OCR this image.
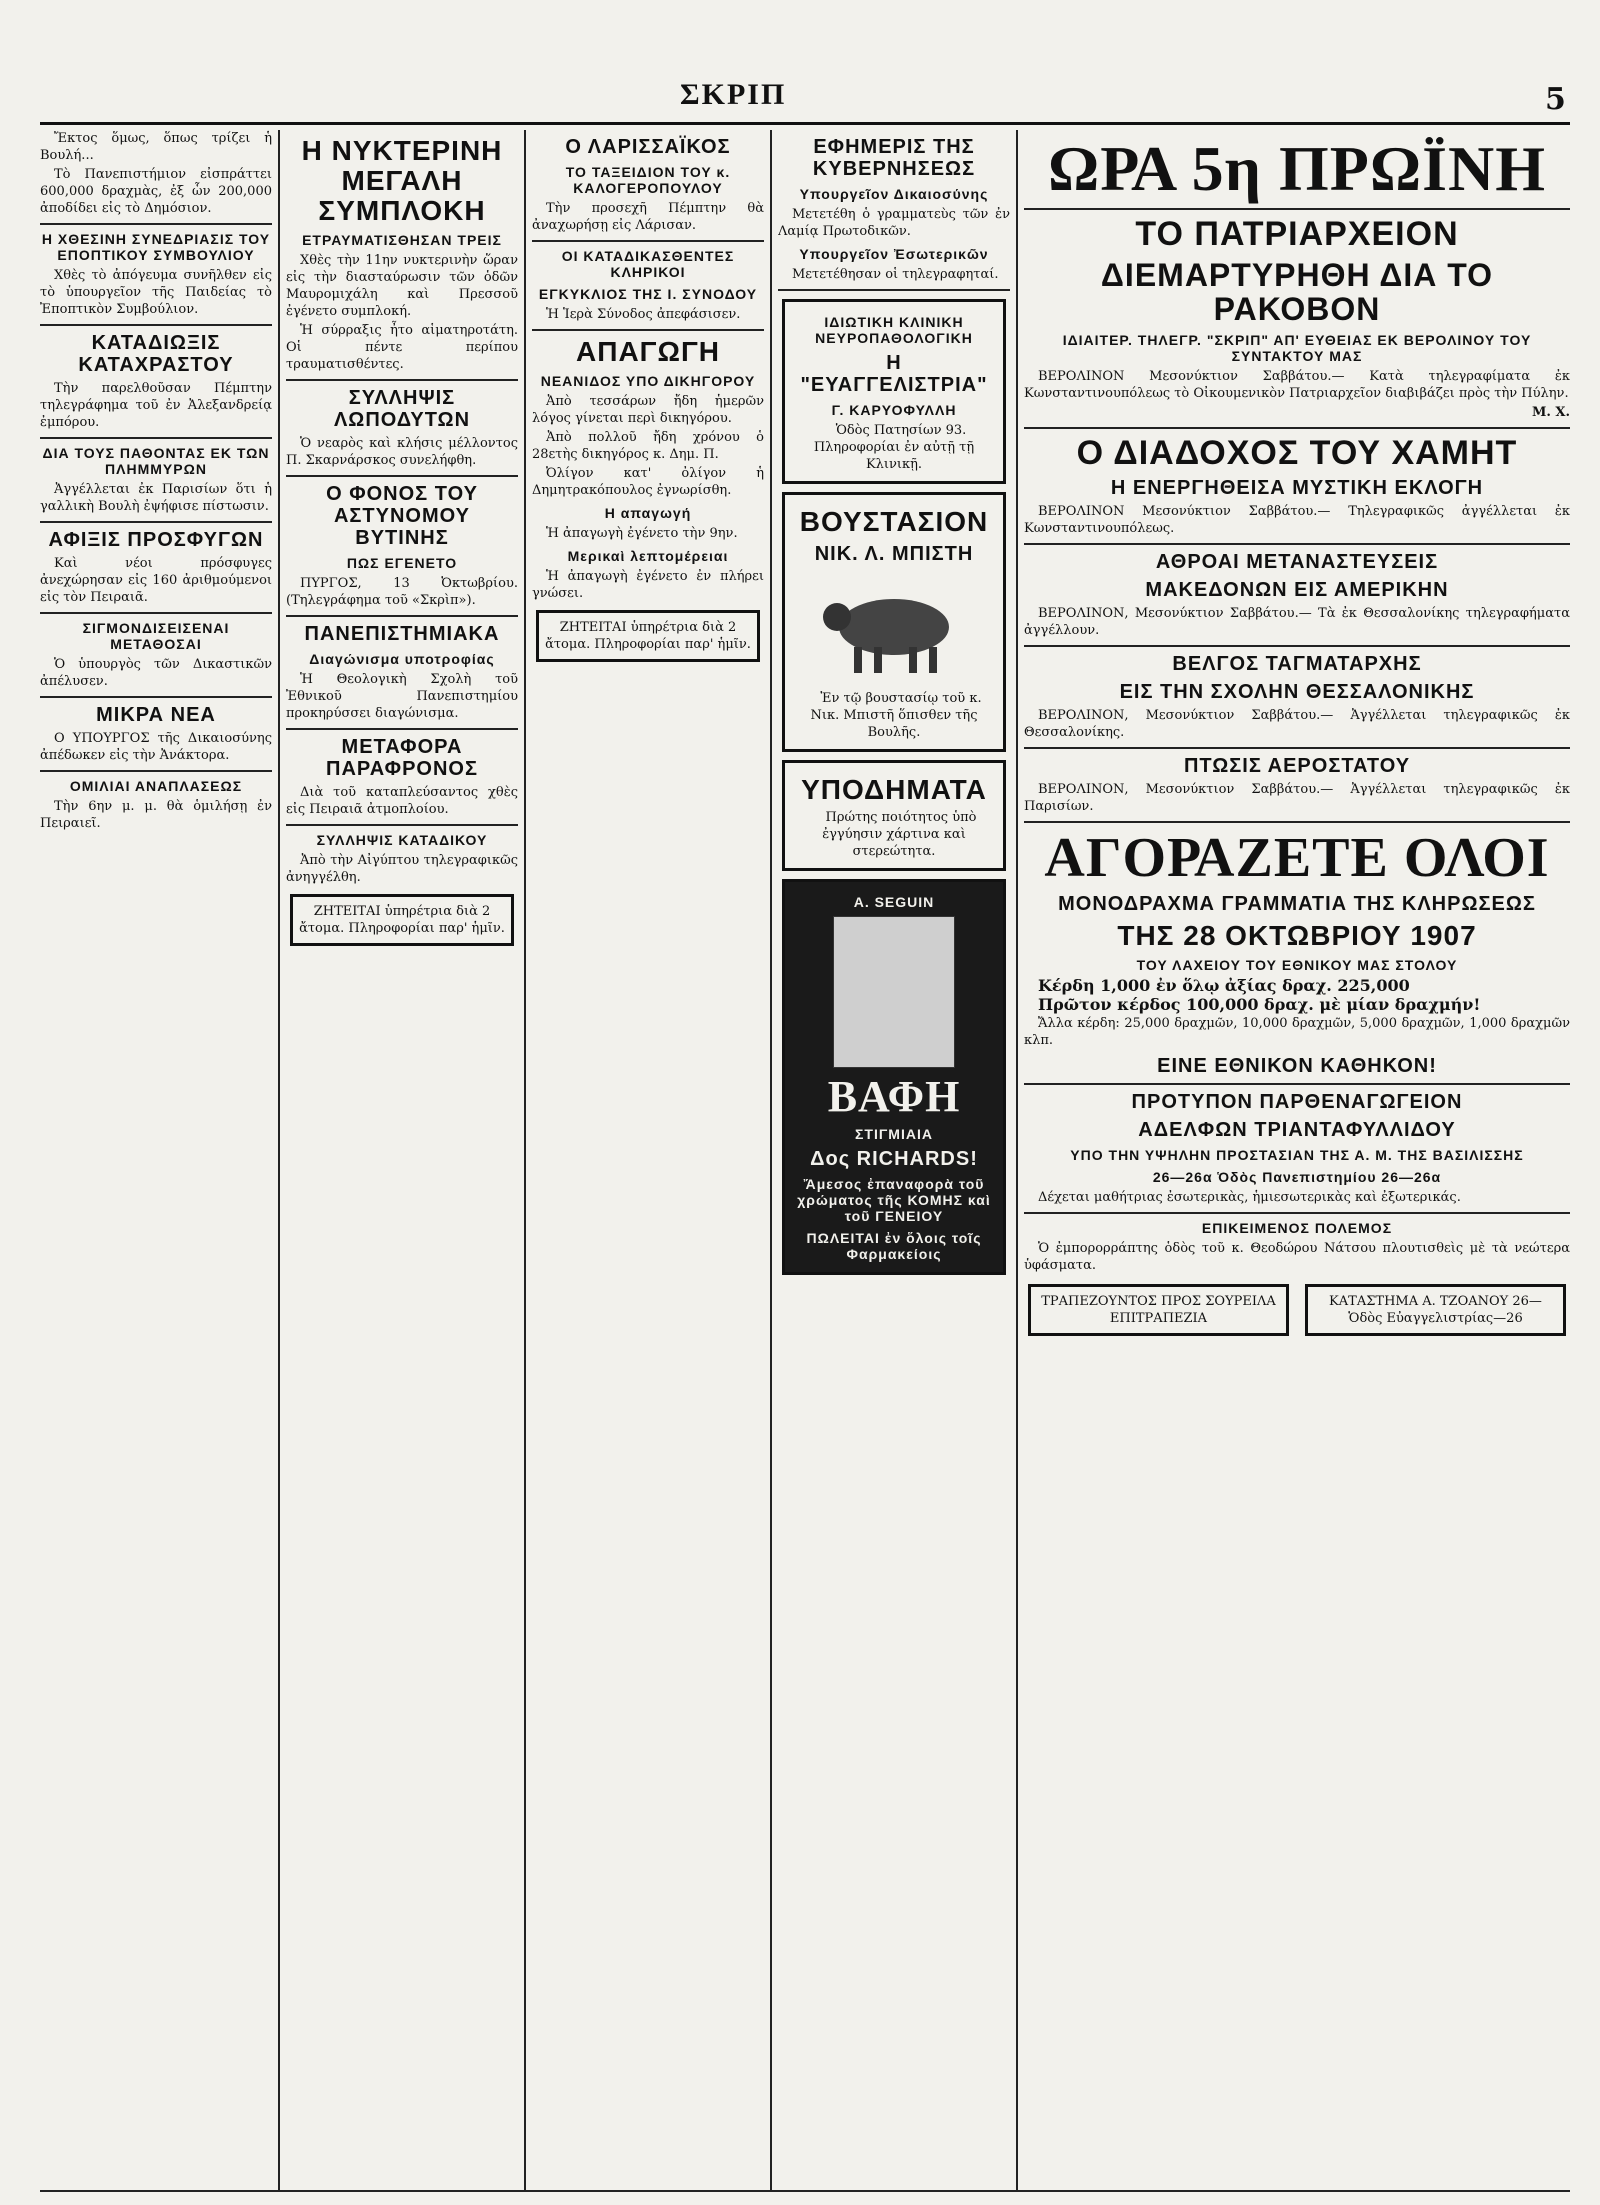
ΣΚΡΙΠ	5

Ἔκτος ὅμως, ὅπως τρίζει ἡ Βουλή...

Τὸ Πανεπιστήμιον εἰσπράττει 600,000 δραχμὰς, ἐξ ὧν 200,000 ἀποδίδει εἰς τὸ Δημόσιον.

Η ΧΘΕΣΙΝΗ ΣΥΝΕΔΡΙΑΣΙΣ ΤΟΥ ΕΠΟΠΤΙΚΟΥ ΣΥΜΒΟΥΛΙΟΥ

Χθὲς τὸ ἀπόγευμα συνῆλθεν εἰς τὸ ὑπουργεῖον τῆς Παιδείας τὸ Ἐποπτικὸν Συμβούλιον.

ΚΑΤΑΔΙΩΞΙΣ ΚΑΤΑΧΡΑΣΤΟΥ

Τὴν παρελθοῦσαν Πέμπτην τηλεγράφημα τοῦ ἐν Ἀλεξανδρείᾳ ἐμπόρου.

ΔΙΑ ΤΟΥΣ ΠΑΘΟΝΤΑΣ ΕΚ ΤΩΝ ΠΛΗΜΜΥΡΩΝ

Ἀγγέλλεται ἐκ Παρισίων ὅτι ἡ γαλλικὴ Βουλὴ ἐψήφισε πίστωσιν.

ΑΦΙΞΙΣ ΠΡΟΣΦΥΓΩΝ

Καὶ νέοι πρόσφυγες ἀνεχώρησαν εἰς 160 ἀριθμούμενοι εἰς τὸν Πειραιᾶ.

ΣΙΓΜΟΝΔΙΣΕΙΣΕΝΑΙ ΜΕΤΑΘΟΣΑΙ

Ὁ ὑπουργὸς τῶν Δικαστικῶν ἀπέλυσεν.

ΜΙΚΡΑ ΝΕΑ

Ο ΥΠΟΥΡΓΟΣ τῆς Δικαιοσύνης ἀπέδωκεν εἰς τὴν Ἀνάκτορα.

ΟΜΙΛΙΑΙ ΑΝΑΠΛΑΣΕΩΣ

Τὴν 6ην μ. μ. θὰ ὁμιλήσῃ ἐν Πειραιεῖ.

Η ΝΥΚΤΕΡΙΝΗ ΜΕΓΑΛΗ ΣΥΜΠΛΟΚΗ
ΕΤΡΑΥΜΑΤΙΣΘΗΣΑΝ ΤΡΕΙΣ

Χθὲς τὴν 11ην νυκτερινὴν ὥραν εἰς τὴν διασταύρωσιν τῶν ὁδῶν Μαυρομιχάλη καὶ Πρεσσοῦ ἐγένετο συμπλοκή.

Ἡ σύρραξις ἦτο αἱματηροτάτη. Οἱ πέντε περίπου τραυματισθέντες.

ΣΥΛΛΗΨΙΣ ΛΩΠΟΔΥΤΩΝ

Ὁ νεαρὸς καὶ κλήσις μέλλοντος Π. Σκαρνάρσκος συνελήφθη.

Ο ΦΟΝΟΣ ΤΟΥ ΑΣΤΥΝΟΜΟΥ ΒΥΤΙΝΗΣ
ΠΩΣ ΕΓΕΝΕΤΟ

ΠΥΡΓΟΣ, 13 Ὀκτωβρίου. (Τηλεγράφημα τοῦ «Σκρὶπ»).

ΠΑΝΕΠΙΣΤΗΜΙΑΚΑ
Διαγώνισμα υποτροφίας

Ἡ Θεολογικὴ Σχολὴ τοῦ Ἐθνικοῦ Πανεπιστημίου προκηρύσσει διαγώνισμα.

ΜΕΤΑΦΟΡΑ ΠΑΡΑΦΡΟΝΟΣ

Διὰ τοῦ καταπλεύσαντος χθὲς εἰς Πειραιᾶ ἀτμοπλοίου.

ΣΥΛΛΗΨΙΣ ΚΑΤΑΔΙΚΟΥ

Ἀπὸ τὴν Αἰγύπτου τηλεγραφικῶς ἀνηγγέλθη.

ΖΗΤΕΙΤΑΙ ὑπηρέτρια διὰ 2 ἄτομα. Πληροφορίαι παρ' ἡμῖν.
Ο ΛΑΡΙΣΣΑΪΚΟΣ
ΤΟ ΤΑΞΕΙΔΙΟΝ ΤΟΥ κ. ΚΑΛΟΓΕΡΟΠΟΥΛΟΥ

Τὴν προσεχῆ Πέμπτην θὰ ἀναχωρήσῃ εἰς Λάρισαν.

ΟΙ ΚΑΤΑΔΙΚΑΣΘΕΝΤΕΣ ΚΛΗΡΙΚΟΙ
ΕΓΚΥΚΛΙΟΣ ΤΗΣ Ι. ΣΥΝΟΔΟΥ

Ἡ Ἱερὰ Σύνοδος ἀπεφάσισεν.

ΑΠΑΓΩΓΗ
ΝΕΑΝΙΔΟΣ ΥΠΟ ΔΙΚΗΓΟΡΟΥ

Ἀπὸ τεσσάρων ἤδη ἡμερῶν λόγος γίνεται περὶ δικηγόρου.

Ἀπὸ πολλοῦ ἤδη χρόνου ὁ 28ετὴς δικηγόρος κ. Δημ. Π.

Ὀλίγον κατ' ὀλίγον ἡ Δημητρακόπουλος ἐγνωρίσθη.

Η απαγωγή

Ἡ ἀπαγωγὴ ἐγένετο τὴν 9ην.

Μερικαὶ λεπτομέρειαι

Ἡ ἀπαγωγὴ ἐγένετο ἐν πλήρει γνώσει.

ΖΗΤΕΙΤΑΙ ὑπηρέτρια διὰ 2 ἄτομα. Πληροφορίαι παρ' ἡμῖν.
ΕΦΗΜΕΡΙΣ ΤΗΣ ΚΥΒΕΡΝΗΣΕΩΣ
Υπουργεῖον Δικαιοσύνης

Μετετέθη ὁ γραμματεὺς τῶν ἐν Λαμίᾳ Πρωτοδικῶν.

Υπουργεῖον Ἐσωτερικῶν

Μετετέθησαν οἱ τηλεγραφηταί.

ΙΔΙΩΤΙΚΗ ΚΛΙΝΙΚΗ ΝΕΥΡΟΠΑΘΟΛΟΓΙΚΗ
Η "ΕΥΑΓΓΕΛΙΣΤΡΙΑ"
Γ. ΚΑΡΥΟΦΥΛΛΗ

Ὁδὸς Πατησίων 93. Πληροφορίαι ἐν αὐτῇ τῇ Κλινικῇ.

ΒΟΥΣΤΑΣΙΟΝ
ΝΙΚ. Λ. ΜΠΙΣΤΗ

Ἐν τῷ βουστασίῳ τοῦ κ. Νικ. Μπιστῆ ὅπισθεν τῆς Βουλῆς.

ΥΠΟΔΗΜΑΤΑ

Πρώτης ποιότητος ὑπὸ ἐγγύησιν χάρτινα καὶ στερεώτητα.

A. SEGUIN
ΒΑΦΗ
ΣΤΙΓΜΙΑΙΑ
Δος RICHARDS!
Ἄμεσος ἐπαναφορὰ τοῦ χρώματος τῆς ΚΟΜΗΣ καὶ τοῦ ΓΕΝΕΙΟΥ
ΠΩΛΕΙΤΑΙ ἐν ὅλοις τοῖς Φαρμακείοις
ΩΡΑ 5η ΠΡΩΪΝΗ
ΤΟ ΠΑΤΡΙΑΡΧΕΙΟΝ
ΔΙΕΜΑΡΤΥΡΗΘΗ ΔΙΑ ΤΟ ΡΑΚΟΒΟΝ
ΙΔΙΑΙΤΕΡ. ΤΗΛΕΓΡ. "ΣΚΡΙΠ" ΑΠ' ΕΥΘΕΙΑΣ ΕΚ ΒΕΡΟΛΙΝΟΥ ΤΟΥ ΣΥΝΤΑΚΤΟΥ ΜΑΣ

ΒΕΡΟΛΙΝΟΝ Μεσονύκτιον Σαββάτου.— Κατὰ τηλεγραφίματα ἐκ Κωνσταντινουπόλεως τὸ Οἰκουμενικὸν Πατριαρχεῖον διαβιβάζει πρὸς τὴν Πύλην.

Μ. Χ.
Ο ΔΙΑΔΟΧΟΣ ΤΟΥ ΧΑΜΗΤ
Η ΕΝΕΡΓΗΘΕΙΣΑ ΜΥΣΤΙΚΗ ΕΚΛΟΓΗ

ΒΕΡΟΛΙΝΟΝ Μεσονύκτιον Σαββάτου.— Τηλεγραφικῶς ἀγγέλλεται ἐκ Κωνσταντινουπόλεως.

ΑΘΡΟΑΙ ΜΕΤΑΝΑΣΤΕΥΣΕΙΣ
ΜΑΚΕΔΟΝΩΝ ΕΙΣ ΑΜΕΡΙΚΗΝ

ΒΕΡΟΛΙΝΟΝ, Μεσονύκτιον Σαββάτου.— Τὰ ἐκ Θεσσαλονίκης τηλεγραφήματα ἀγγέλλουν.

ΒΕΛΓΟΣ ΤΑΓΜΑΤΑΡΧΗΣ
ΕΙΣ ΤΗΝ ΣΧΟΛΗΝ ΘΕΣΣΑΛΟΝΙΚΗΣ

ΒΕΡΟΛΙΝΟΝ, Μεσονύκτιον Σαββάτου.— Ἀγγέλλεται τηλεγραφικῶς ἐκ Θεσσαλονίκης.

ΠΤΩΣΙΣ ΑΕΡΟΣΤΑΤΟΥ

ΒΕΡΟΛΙΝΟΝ, Μεσονύκτιον Σαββάτου.— Ἀγγέλλεται τηλεγραφικῶς ἐκ Παρισίων.

ΑΓΟΡΑΖΕΤΕ ΟΛΟΙ
ΜΟΝΟΔΡΑΧΜΑ ΓΡΑΜΜΑΤΙΑ ΤΗΣ ΚΛΗΡΩΣΕΩΣ
ΤΗΣ 28 ΟΚΤΩΒΡΙΟΥ 1907
ΤΟΥ ΛΑΧΕΙΟΥ ΤΟΥ ΕΘΝΙΚΟΥ ΜΑΣ ΣΤΟΛΟΥ

Κέρδη 1,000 ἐν ὅλῳ ἀξίας δραχ. 225,000

Πρῶτον κέρδος 100,000 δραχ. μὲ μίαν δραχμήν!

Ἄλλα κέρδη: 25,000 δραχμῶν, 10,000 δραχμῶν, 5,000 δραχμῶν, 1,000 δραχμῶν κλπ.

ΕΙΝΕ ΕΘΝΙΚΟΝ ΚΑΘΗΚΟΝ!
ΠΡΟΤΥΠΟΝ ΠΑΡΘΕΝΑΓΩΓΕΙΟΝ
ΑΔΕΛΦΩΝ ΤΡΙΑΝΤΑΦΥΛΛΙΔΟΥ
ΥΠΟ ΤΗΝ ΥΨΗΛΗΝ ΠΡΟΣΤΑΣΙΑΝ ΤΗΣ Α. Μ. ΤΗΣ ΒΑΣΙΛΙΣΣΗΣ
26—26α Ὁδὸς Πανεπιστημίου 26—26α

Δέχεται μαθήτριας ἐσωτερικὰς, ἡμιεσωτερικὰς καὶ ἐξωτερικάς.

ΕΠΙΚΕΙΜΕΝΟΣ ΠΟΛΕΜΟΣ

Ὁ ἐμπορορράπτης ὁδὸς τοῦ κ. Θεοδώρου Νάτσου πλουτισθεὶς μὲ τὰ νεώτερα ὑφάσματα.

ΤΡΑΠΕΖΟΥΝΤΟΣ ΠΡΟΣ ΣΟΥΡΕΙΛΑ ΕΠΙΤΡΑΠΕΖΙΑ
ΚΑΤΑΣΤΗΜΑ Α. ΤΖΟΑΝΟΥ 26—Ὁδὸς Εὐαγγελιστρίας—26
